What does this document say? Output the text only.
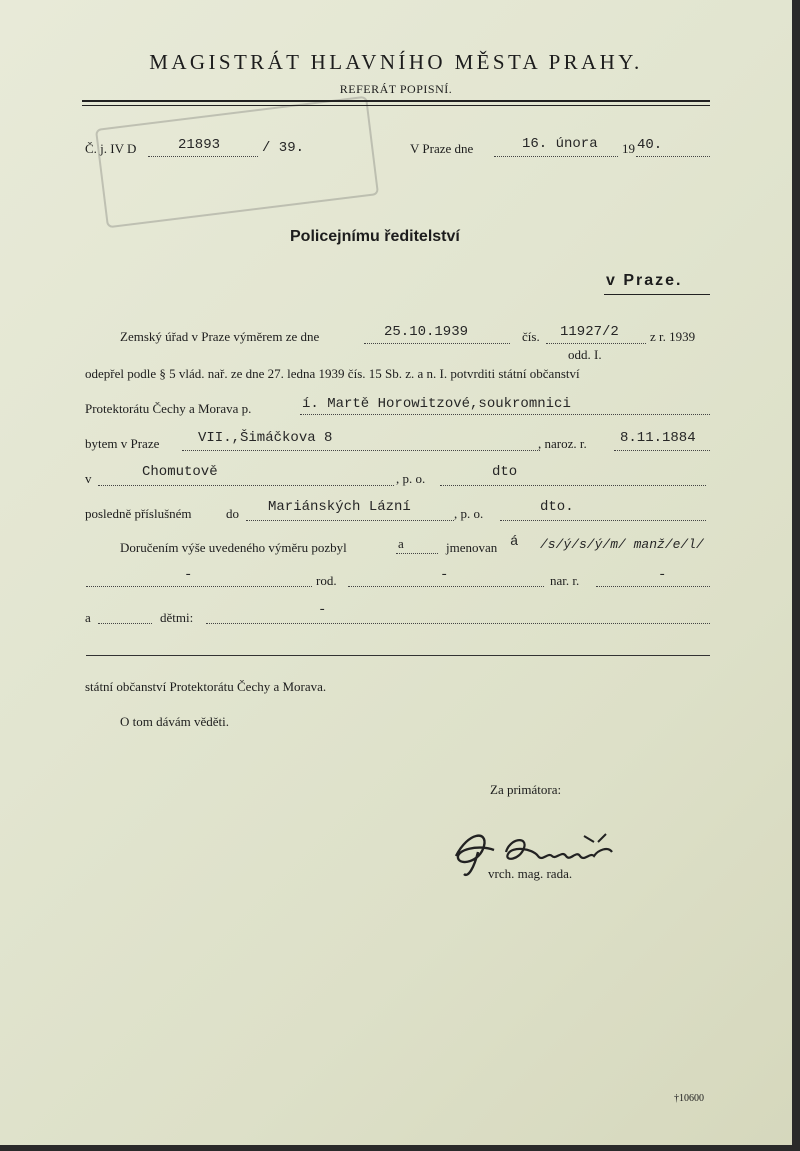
MAGISTRÁT HLAVNÍHO MĚSTA PRAHY.
REFERÁT POPISNÍ.
Č. j. IV D	21893	/ 39.	V Praze dne	16. února 19 40.
Policejnímu ředitelství
v Praze.
Zemský úřad v Praze výměrem ze dne	25.10.1939	čís. 11927/2 z r. 1939
odd. I.
odepřel podle § 5 vlád. nař. ze dne 27. ledna 1939 čís. 15 Sb. z. a n. I. potvrditi státní občanství
Protektorátu Čechy a Morava p.	í. Martě Horowitzové,soukromnici
bytem v Praze	VII.,Šimáčkova 8	, naroz. r. 8.11.1884
v	Chomutově	, p. o.	dto
posledně příslušném	do Mariánských Lázní	, p. o.	dto.
Doručením výše uvedeného výměru pozbyl	a	jmenovan á /s/ý/s/ý/m/ manž/e/l/
-	rod.	-	nar. r.	-
a	dětmi:	-
státní občanství Protektorátu Čechy a Morava.
O tom dávám věděti.
Za primátora:
vrch. mag. rada.
†10600
